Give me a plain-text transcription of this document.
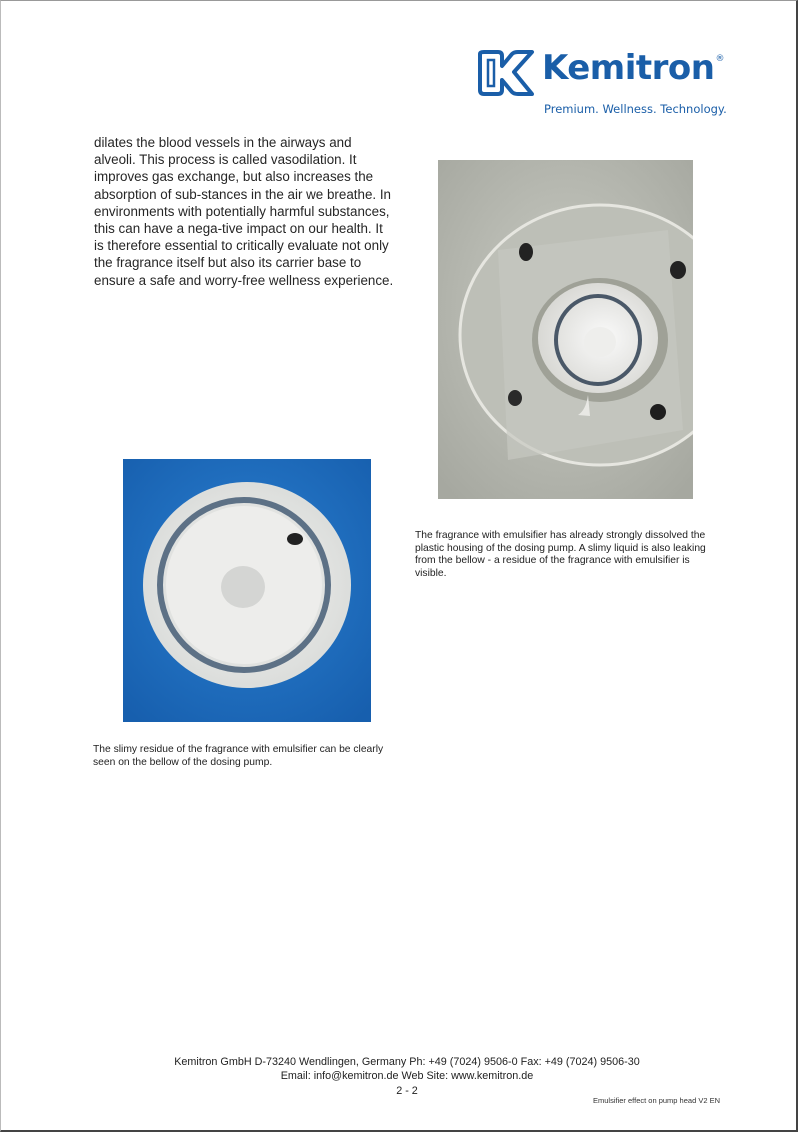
Kemitron®
Premium. Wellness. Technology.

dilates the blood vessels in the airways and alveoli. This process is called vasodilation. It improves gas exchange, but also increases the absorption of sub-stances in the air we breathe. In environments with potentially harmful substances, this can have a nega-tive impact on our health. It is therefore essential to critically evaluate not only the fragrance itself but also its carrier base to ensure a safe and worry-free wellness experience.

The fragrance with emulsifier has already strongly dissolved the plastic housing of the dosing pump. A slimy liquid is also leaking from the bellow - a residue of the fragrance with emulsifier is visible.

The slimy residue of the fragrance with emulsifier can be clearly seen on the bellow of the dosing pump.

Kemitron GmbH D-73240 Wendlingen, Germany Ph: +49 (7024) 9506-0 Fax: +49 (7024) 9506-30
Email: info@kemitron.de Web Site: www.kemitron.de
2 - 2
Emulsifier effect on pump head V2 EN
